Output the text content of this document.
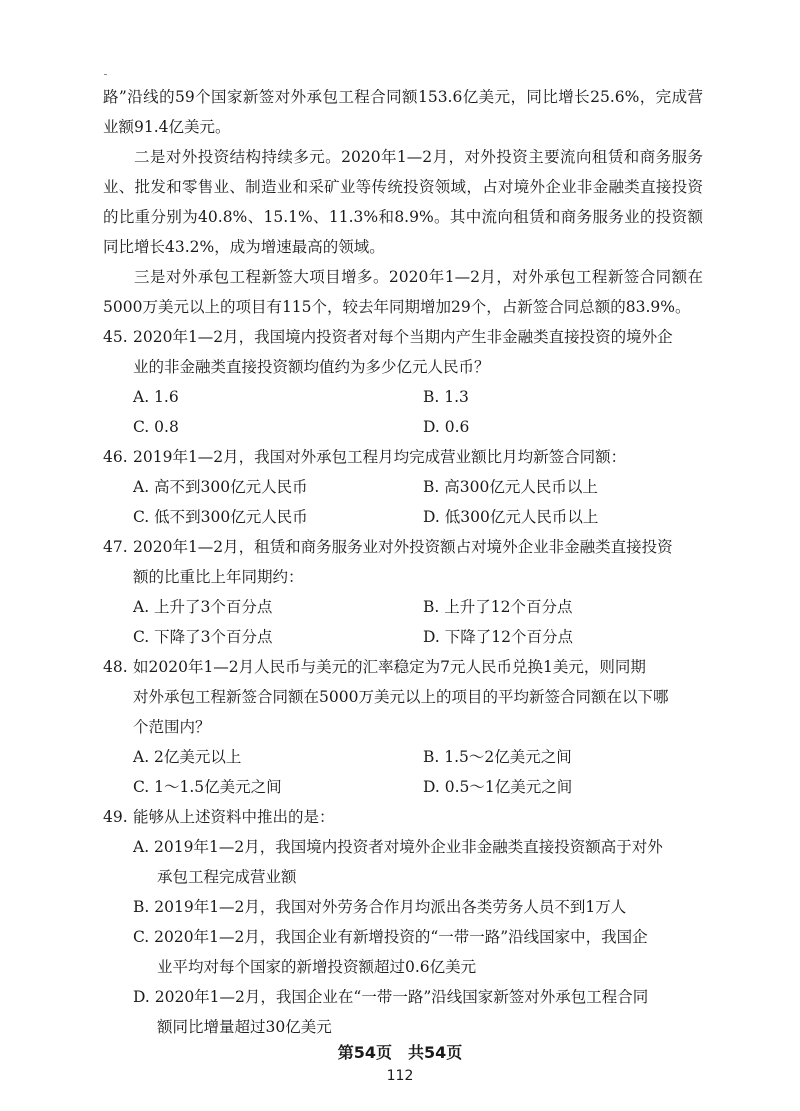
路”沿线的59个国家新签对外承包工程合同额153.6亿美元，同比增长25.6%，完成营业额91.4亿美元。

二是对外投资结构持续多元。2020年1—2月，对外投资主要流向租赁和商务服务业、批发和零售业、制造业和采矿业等传统投资领域，占对境外企业非金融类直接投资的比重分别为40.8%、15.1%、11.3%和8.9%。其中流向租赁和商务服务业的投资额同比增长43.2%，成为增速最高的领域。

三是对外承包工程新签大项目增多。2020年1—2月，对外承包工程新签合同额在5000万美元以上的项目有115个，较去年同期增加29个，占新签合同总额的83.9%。

45. 2020年1—2月，我国境内投资者对每个当期内产生非金融类直接投资的境外企
业的非金融类直接投资额均值约为多少亿元人民币？
A. 1.6	B. 1.3
C. 0.8	D. 0.6
46. 2019年1—2月，我国对外承包工程月均完成营业额比月均新签合同额：
A. 高不到300亿元人民币	B. 高300亿元人民币以上
C. 低不到300亿元人民币	D. 低300亿元人民币以上
47. 2020年1—2月，租赁和商务服务业对外投资额占对境外企业非金融类直接投资
额的比重比上年同期约：
A. 上升了3个百分点	B. 上升了12个百分点
C. 下降了3个百分点	D. 下降了12个百分点
48. 如2020年1—2月人民币与美元的汇率稳定为7元人民币兑换1美元，则同期
对外承包工程新签合同额在5000万美元以上的项目的平均新签合同额在以下哪
个范围内？
A. 2亿美元以上	B. 1.5～2亿美元之间
C. 1～1.5亿美元之间	D. 0.5～1亿美元之间
49. 能够从上述资料中推出的是：
A. 2019年1—2月，我国境内投资者对境外企业非金融类直接投资额高于对外
承包工程完成营业额
B. 2019年1—2月，我国对外劳务合作月均派出各类劳务人员不到1万人
C. 2020年1—2月，我国企业有新增投资的“一带一路”沿线国家中，我国企
业平均对每个国家的新增投资额超过0.6亿美元
D. 2020年1—2月，我国企业在“一带一路”沿线国家新签对外承包工程合同
额同比增量超过30亿美元
第54页　共54页
112
